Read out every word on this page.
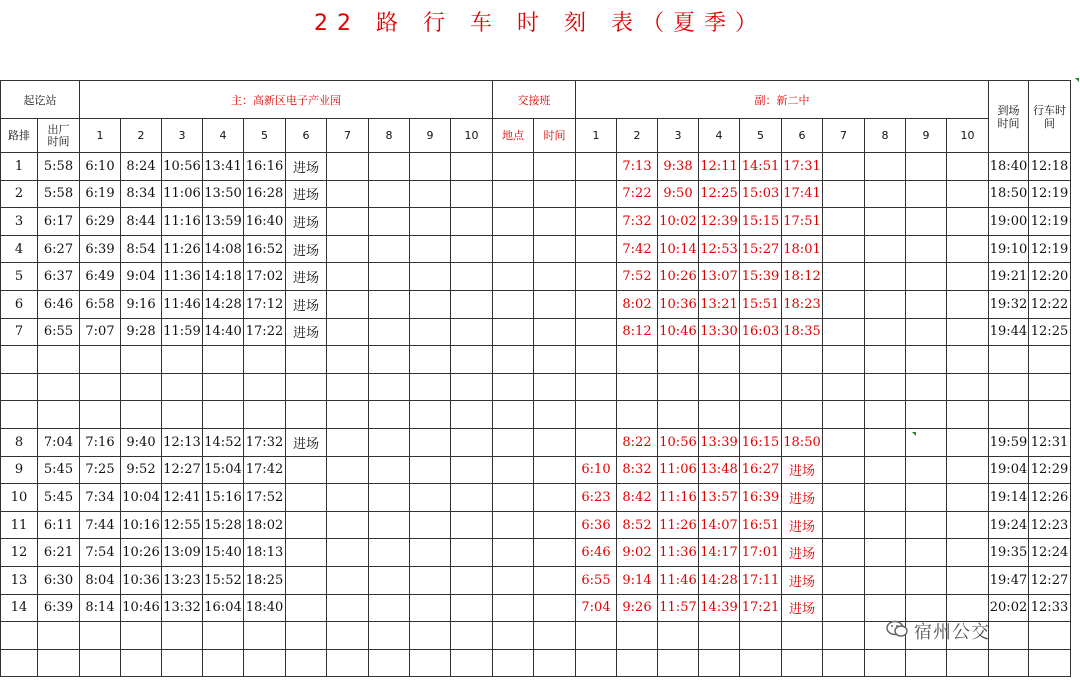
22 路 行 车 时 刻 表（夏季）
起讫站		主：高新区电子产业园										交接班		副：新二中										到场时间	行车时间
路排	出厂时间	1	2	3	4	5	6	7	8	9	10	地点	时间	1	2	3	4	5	6	7	8	9	10		
1	5:58	6:10	8:24	10:56	13:41	16:16	进场								7:13	9:38	12:11	14:51	17:31					18:40	12:18
2	5:58	6:19	8:34	11:06	13:50	16:28	进场								7:22	9:50	12:25	15:03	17:41					18:50	12:19
3	6:17	6:29	8:44	11:16	13:59	16:40	进场								7:32	10:02	12:39	15:15	17:51					19:00	12:19
4	6:27	6:39	8:54	11:26	14:08	16:52	进场								7:42	10:14	12:53	15:27	18:01					19:10	12:19
5	6:37	6:49	9:04	11:36	14:18	17:02	进场								7:52	10:26	13:07	15:39	18:12					19:21	12:20
6	6:46	6:58	9:16	11:46	14:28	17:12	进场								8:02	10:36	13:21	15:51	18:23					19:32	12:22
7	6:55	7:07	9:28	11:59	14:40	17:22	进场								8:12	10:46	13:30	16:03	18:35					19:44	12:25

8	7:04	7:16	9:40	12:13	14:52	17:32	进场								8:22	10:56	13:39	16:15	18:50					19:59	12:31
9	5:45	7:25	9:52	12:27	15:04	17:42								6:10	8:32	11:06	13:48	16:27	进场					19:04	12:29
10	5:45	7:34	10:04	12:41	15:16	17:52								6:23	8:42	11:16	13:57	16:39	进场					19:14	12:26
11	6:11	7:44	10:16	12:55	15:28	18:02								6:36	8:52	11:26	14:07	16:51	进场					19:24	12:23
12	6:21	7:54	10:26	13:09	15:40	18:13								6:46	9:02	11:36	14:17	17:01	进场					19:35	12:24
13	6:30	8:04	10:36	13:23	15:52	18:25								6:55	9:14	11:46	14:28	17:11	进场					19:47	12:27
14	6:39	8:14	10:46	13:32	16:04	18:40								7:04	9:26	11:57	14:39	17:21	进场					20:02	12:33

宿州公交
